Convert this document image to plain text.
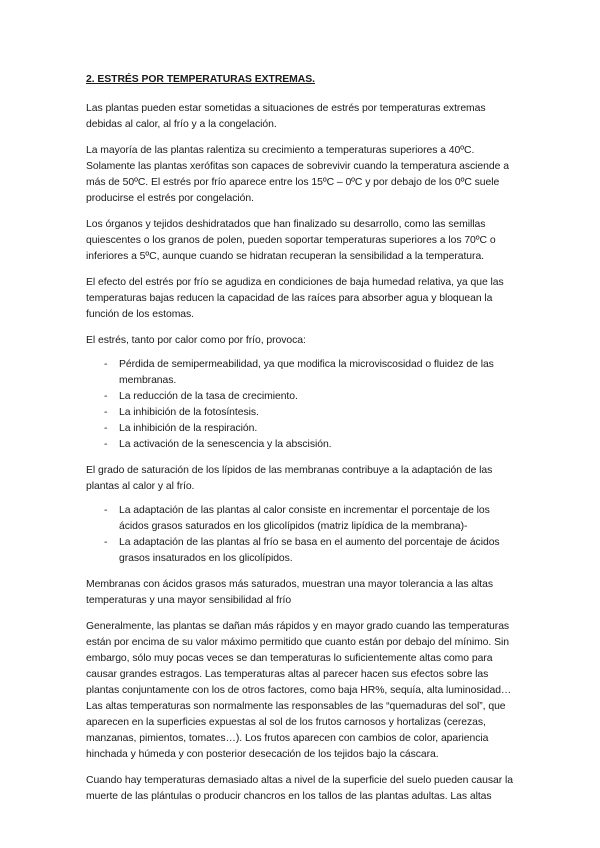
2. ESTRÉS POR TEMPERATURAS EXTREMAS.

Las plantas pueden estar sometidas a situaciones de estrés por temperaturas extremas debidas al calor, al frío y a la congelación.

La mayoría de las plantas ralentiza su crecimiento a temperaturas superiores a 40ºC. Solamente las plantas xerófitas son capaces de sobrevivir cuando la temperatura asciende a más de 50ºC. El estrés por frío aparece entre los 15ºC – 0ºC y por debajo de los 0ºC suele producirse el estrés por congelación.

Los órganos y tejidos deshidratados que han finalizado su desarrollo, como las semillas quiescentes o los granos de polen, pueden soportar temperaturas superiores a los 70ºC o inferiores a 5ºC, aunque cuando se hidratan recuperan la sensibilidad a la temperatura.

El efecto del estrés por frío se agudiza en condiciones de baja humedad relativa, ya que las temperaturas bajas reducen la capacidad de las raíces para absorber agua y bloquean la función de los estomas.

El estrés, tanto por calor como por frío, provoca:

- Pérdida de semipermeabilidad, ya que modifica la microviscosidad o fluidez de las membranas.
- La reducción de la tasa de crecimiento.
- La inhibición de la fotosíntesis.
- La inhibición de la respiración.
- La activación de la senescencia y la abscisión.

El grado de saturación de los lípidos de las membranas contribuye a la adaptación de las plantas al calor y al frío.

- La adaptación de las plantas al calor consiste en incrementar el porcentaje de los ácidos grasos saturados en los glicolípidos (matriz lipídica de la membrana)-
- La adaptación de las plantas al frío se basa en el aumento del porcentaje de ácidos grasos insaturados en los glicolípidos.

Membranas con ácidos grasos más saturados, muestran una mayor tolerancia a las altas temperaturas y una mayor sensibilidad al frío

Generalmente, las plantas se dañan más rápidos y en mayor grado cuando las temperaturas están por encima de su valor máximo permitido que cuanto están por debajo del mínimo. Sin embargo, sólo muy pocas veces se dan temperaturas lo suficientemente altas como para causar grandes estragos. Las temperaturas altas al parecer hacen sus efectos sobre las plantas conjuntamente con los de otros factores, como baja HR%, sequía, alta luminosidad…

Las altas temperaturas son normalmente las responsables de las “quemaduras del sol”, que aparecen en la superficies expuestas al sol de los frutos carnosos y hortalizas (cerezas, manzanas, pimientos, tomates…). Los frutos aparecen con cambios de color, apariencia hinchada y húmeda y con posterior desecación de los tejidos bajo la cáscara.

Cuando hay temperaturas demasiado altas a nivel de la superficie del suelo pueden causar la muerte de las plántulas o producir chancros en los tallos de las plantas adultas. Las altas
